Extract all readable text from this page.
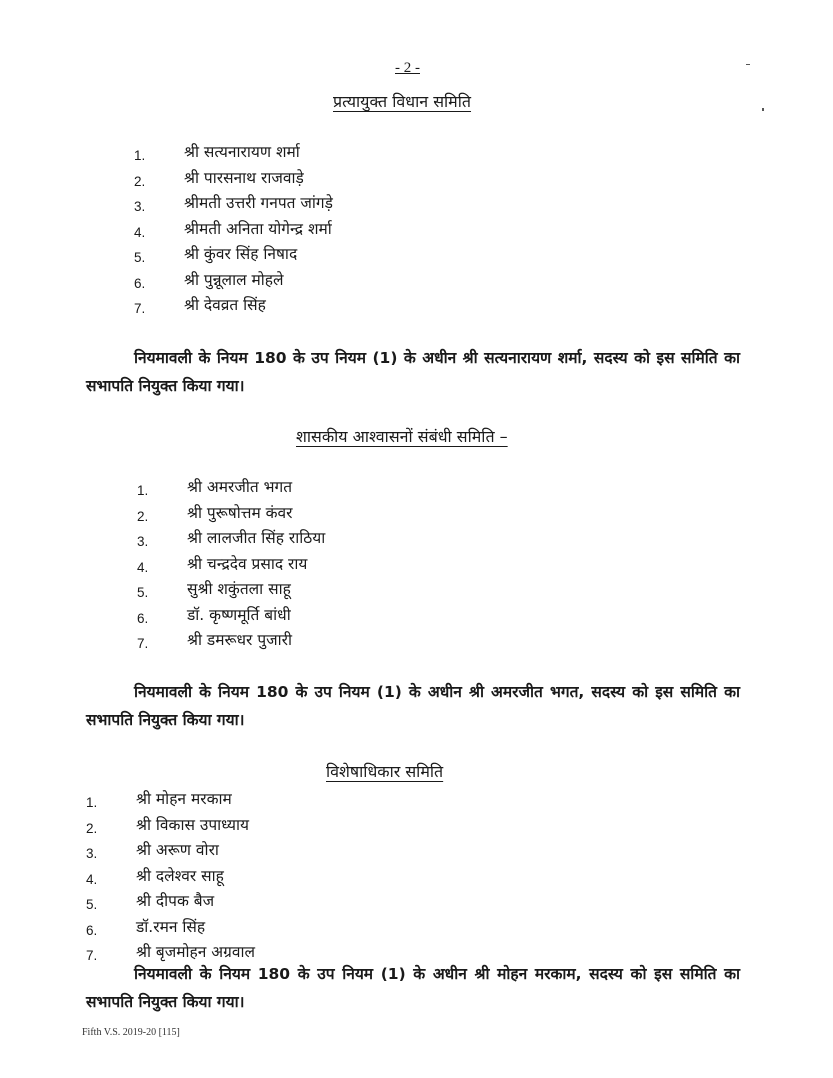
- 2 -
प्रत्यायुक्त विधान समिति
1. श्री सत्यनारायण शर्मा
2. श्री पारसनाथ राजवाड़े
3. श्रीमती उत्तरी गनपत जांगड़े
4. श्रीमती अनिता योगेन्द्र शर्मा
5. श्री कुंवर सिंह निषाद
6. श्री पुन्नूलाल मोहले
7. श्री देवव्रत सिंह

नियमावली के नियम 180 के उप नियम (1) के अधीन श्री सत्यनारायण शर्मा, सदस्य को इस समिति का सभापति नियुक्त किया गया।

शासकीय आश्वासनों संबंधी समिति –
1. श्री अमरजीत भगत
2. श्री पुरूषोत्तम कंवर
3. श्री लालजीत सिंह राठिया
4. श्री चन्द्रदेव प्रसाद राय
5. सुश्री शकुंतला साहू
6. डॉ. कृष्णमूर्ति बांधी
7. श्री डमरूधर पुजारी

नियमावली के नियम 180 के उप नियम (1) के अधीन श्री अमरजीत भगत, सदस्य को इस समिति का सभापति नियुक्त किया गया।

विशेषाधिकार समिति
1. श्री मोहन मरकाम
2. श्री विकास उपाध्याय
3. श्री अरूण वोरा
4. श्री दलेश्वर साहू
5. श्री दीपक बैज
6. डॉ.रमन सिंह
7. श्री बृजमोहन अग्रवाल

नियमावली के नियम 180 के उप नियम (1) के अधीन श्री मोहन मरकाम, सदस्य को इस समिति का सभापति नियुक्त किया गया।

Fifth V.S. 2019-20 [115]
